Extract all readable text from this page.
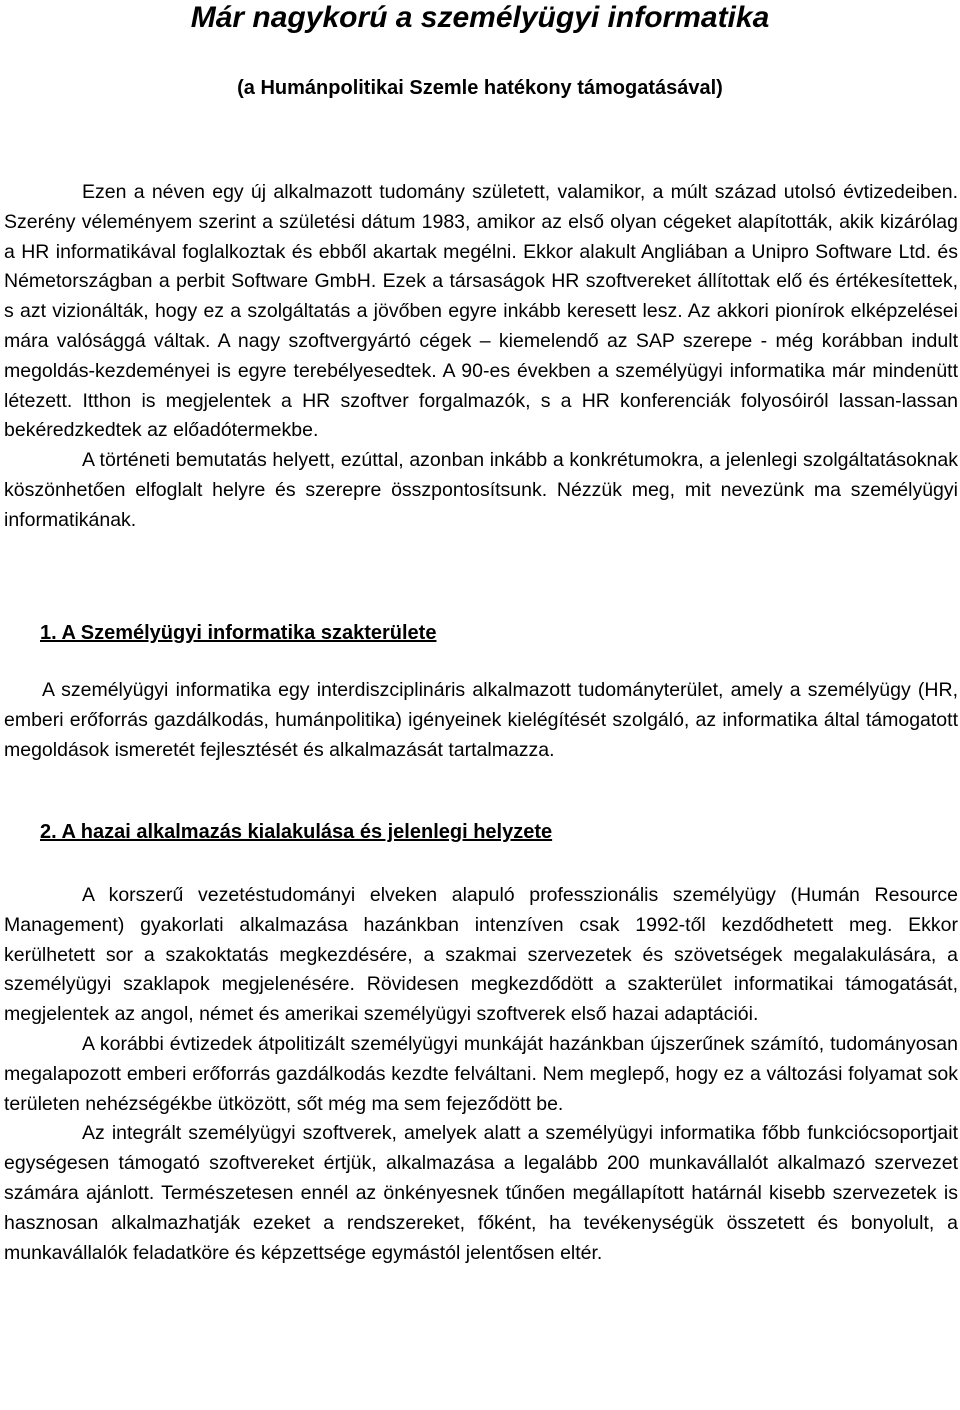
Már nagykorú a személyügyi informatika
(a Humánpolitikai Szemle hatékony támogatásával)

Ezen a néven egy új alkalmazott tudomány született, valamikor, a múlt század utolsó évtizedeiben. Szerény véleményem szerint a születési dátum 1983, amikor az első olyan cégeket alapították, akik kizárólag a HR informatikával foglalkoztak és ebből akartak megélni. Ekkor alakult Angliában a Unipro Software Ltd. és Németországban a perbit Software GmbH. Ezek a társaságok HR szoftvereket állítottak elő és értékesítettek, s azt vizionálták, hogy ez a szolgáltatás a jövőben egyre inkább keresett lesz. Az akkori pionírok elképzelései mára valósággá váltak. A nagy szoftvergyártó cégek – kiemelendő az SAP szerepe - még korábban indult megoldás-kezdeményei is egyre terebélyesedtek. A 90-es években a személyügyi informatika már mindenütt létezett. Itthon is megjelentek a HR szoftver forgalmazók, s a HR konferenciák folyosóiról lassan-lassan bekéredzkedtek az előadótermekbe.

A történeti bemutatás helyett, ezúttal, azonban inkább a konkrétumokra, a jelenlegi szolgáltatásoknak köszönhetően elfoglalt helyre és szerepre összpontosítsunk. Nézzük meg, mit nevezünk ma személyügyi informatikának.

1. A Személyügyi informatika szakterülete

A személyügyi informatika egy interdiszciplináris alkalmazott tudományterület, amely a személyügy (HR, emberi erőforrás gazdálkodás, humánpolitika) igényeinek kielégítését szolgáló, az informatika által támogatott megoldások ismeretét fejlesztését és alkalmazását tartalmazza.

2. A hazai alkalmazás kialakulása és jelenlegi helyzete

A korszerű vezetéstudományi elveken alapuló professzionális személyügy (Humán Resource Management) gyakorlati alkalmazása hazánkban intenzíven csak 1992-től kezdődhetett meg. Ekkor kerülhetett sor a szakoktatás megkezdésére, a szakmai szervezetek és szövetségek megalakulására, a személyügyi szaklapok megjelenésére. Rövidesen megkezdődött a szakterület informatikai támogatását, megjelentek az angol, német és amerikai személyügyi szoftverek első hazai adaptációi.

A korábbi évtizedek átpolitizált személyügyi munkáját hazánkban újszerűnek számító, tudományosan megalapozott emberi erőforrás gazdálkodás kezdte felváltani. Nem meglepő, hogy ez a változási folyamat sok területen nehézségékbe ütközött, sőt még ma sem fejeződött be.

Az integrált személyügyi szoftverek, amelyek alatt a személyügyi informatika főbb funkciócsoportjait egységesen támogató szoftvereket értjük, alkalmazása a legalább 200 munkavállalót alkalmazó szervezet számára ajánlott. Természetesen ennél az önkényesnek tűnően megállapított határnál kisebb szervezetek is hasznosan alkalmazhatják ezeket a rendszereket, főként, ha tevékenységük összetett és bonyolult, a munkavállalók feladatköre és képzettsége egymástól jelentősen eltér.
